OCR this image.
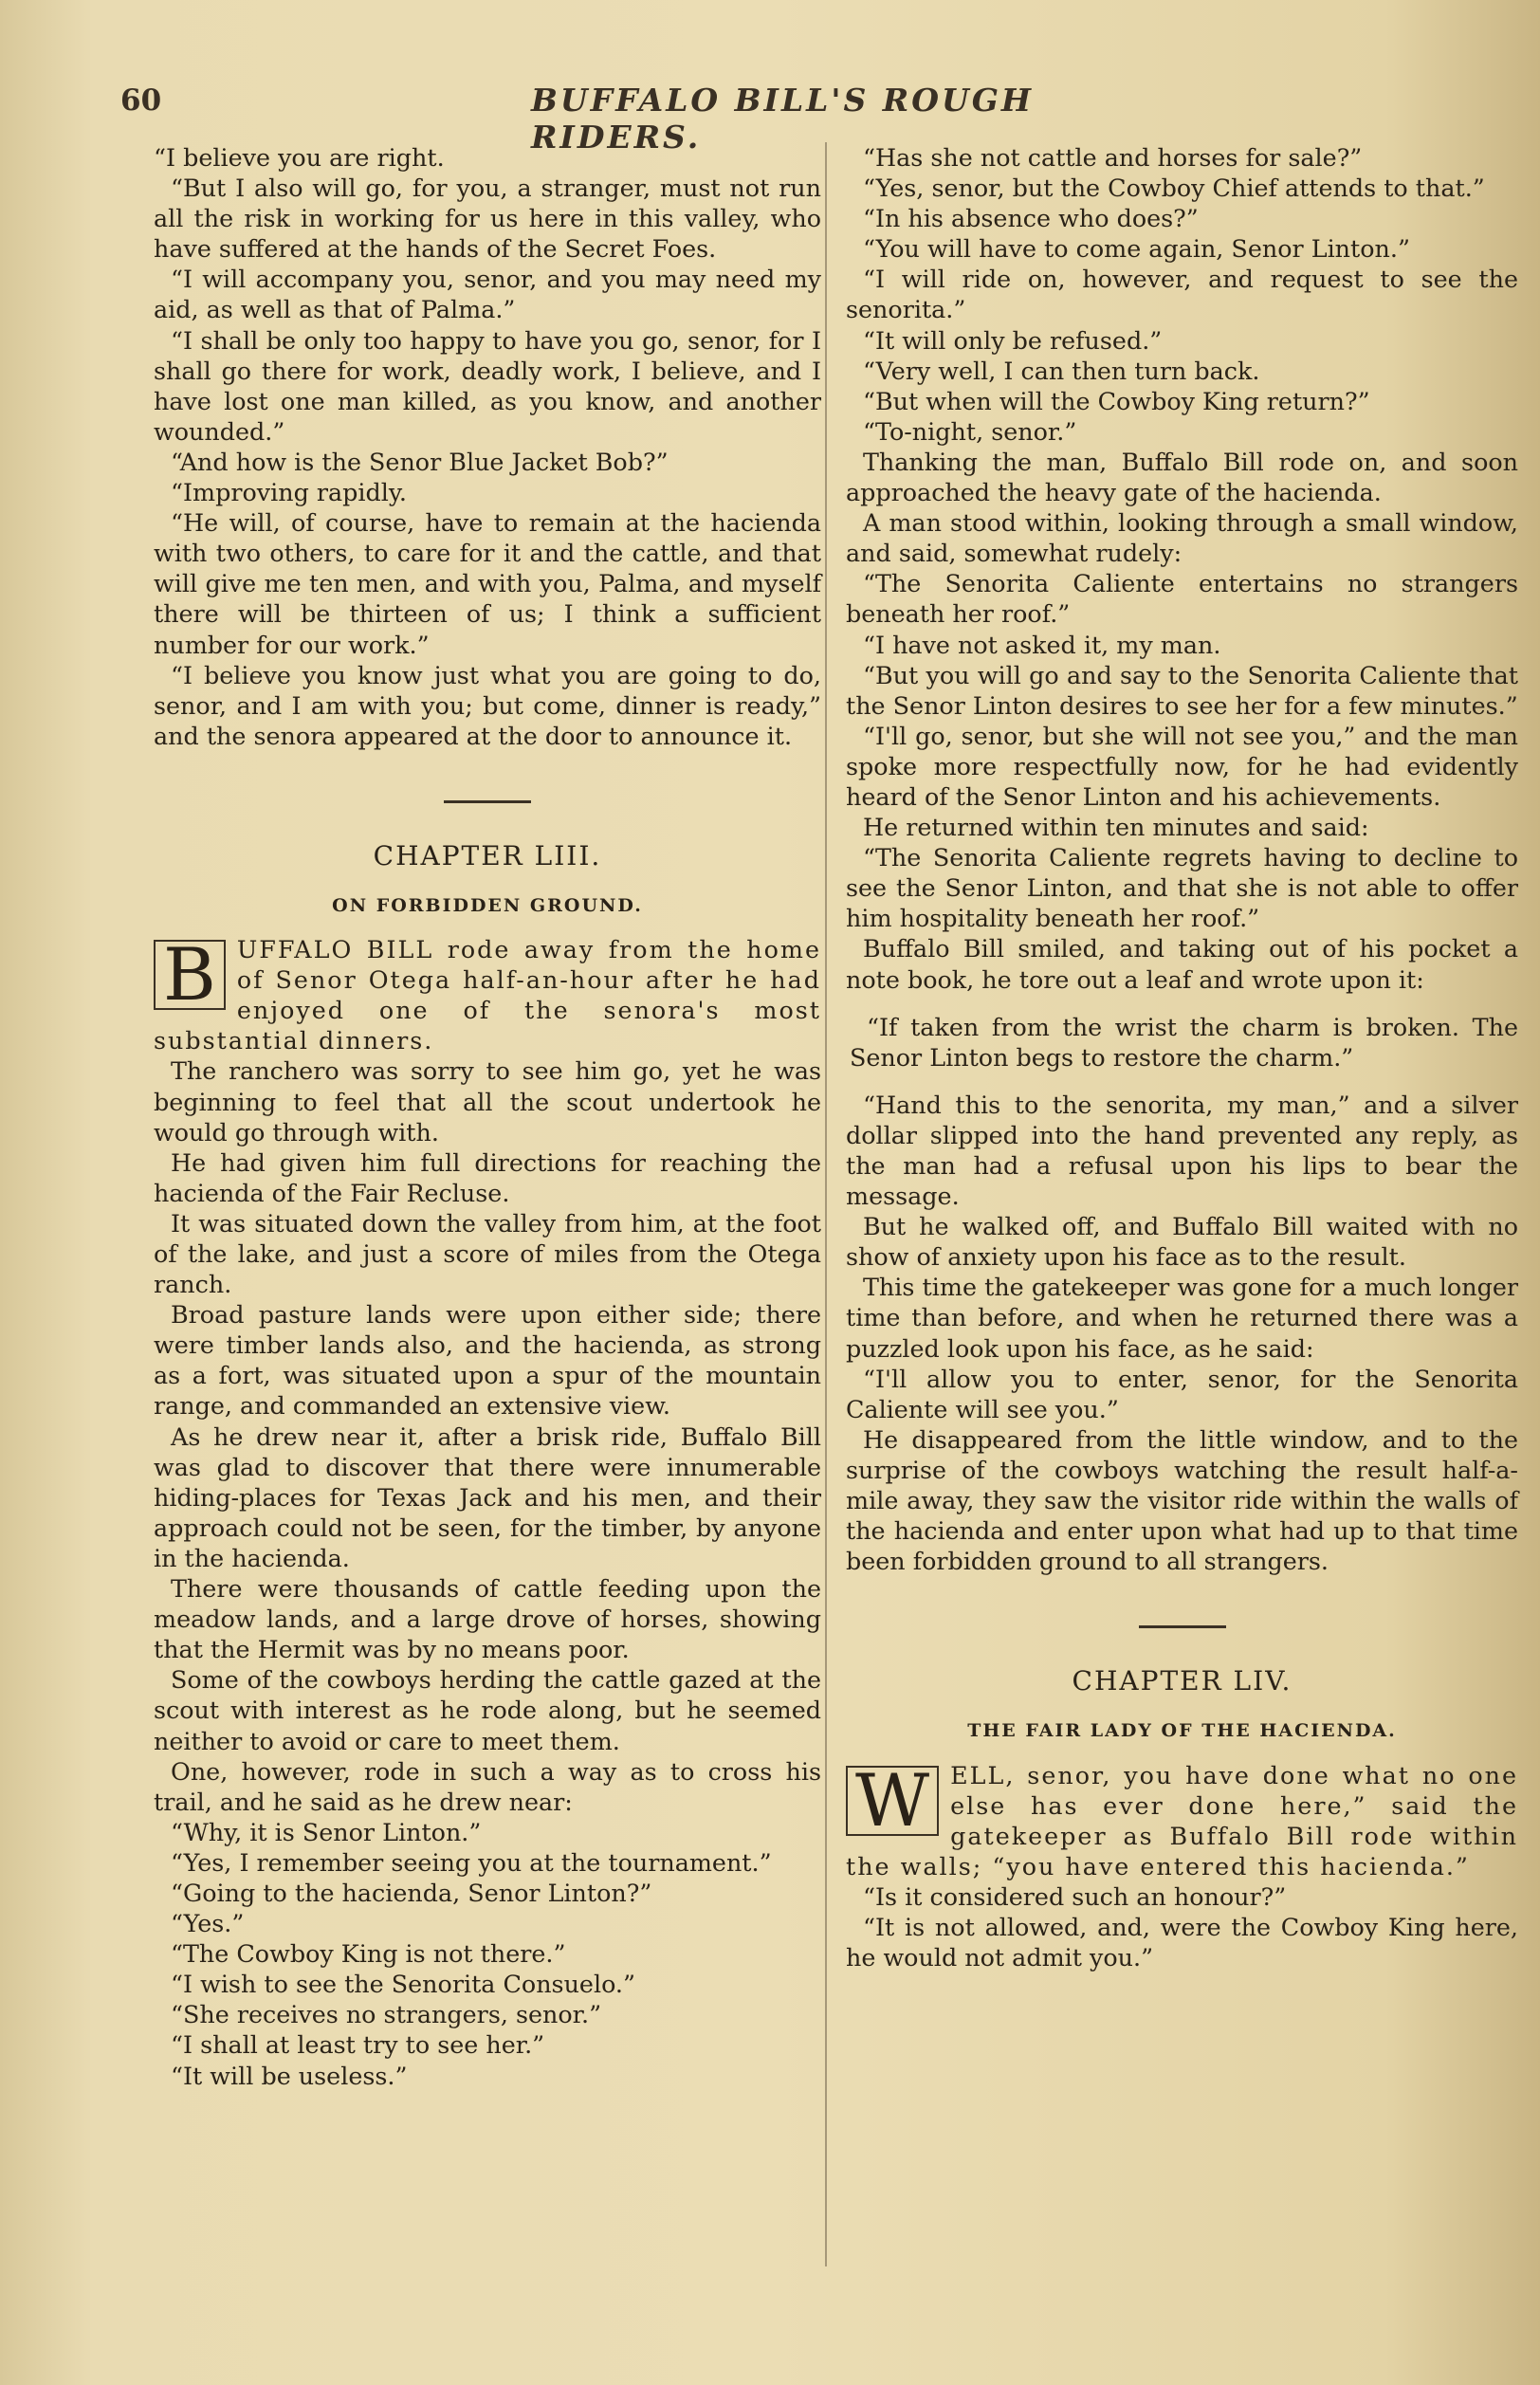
60	BUFFALO BILL'S ROUGH RIDERS.

“I believe you are right.

“But I also will go, for you, a stranger, must not run all the risk in working for us here in this valley, who have suffered at the hands of the Secret Foes.

“I will accompany you, senor, and you may need my aid, as well as that of Palma.”

“I shall be only too happy to have you go, senor, for I shall go there for work, deadly work, I believe, and I have lost one man killed, as you know, and another wounded.”

“And how is the Senor Blue Jacket Bob?”

“Improving rapidly.

“He will, of course, have to remain at the hacienda with two others, to care for it and the cattle, and that will give me ten men, and with you, Palma, and myself there will be thirteen of us; I think a sufficient number for our work.”

“I believe you know just what you are going to do, senor, and I am with you; but come, dinner is ready,” and the senora appeared at the door to announce it.

CHAPTER LIII.
ON FORBIDDEN GROUND.

B UFFALO BILL rode away from the home of Senor Otega half-an-hour after he had enjoyed one of the senora's most substantial dinners.

The ranchero was sorry to see him go, yet he was beginning to feel that all the scout undertook he would go through with.

He had given him full directions for reaching the hacienda of the Fair Recluse.

It was situated down the valley from him, at the foot of the lake, and just a score of miles from the Otega ranch.

Broad pasture lands were upon either side; there were timber lands also, and the hacienda, as strong as a fort, was situated upon a spur of the mountain range, and commanded an extensive view.

As he drew near it, after a brisk ride, Buffalo Bill was glad to discover that there were innumerable hiding-places for Texas Jack and his men, and their approach could not be seen, for the timber, by anyone in the hacienda.

There were thousands of cattle feeding upon the meadow lands, and a large drove of horses, showing that the Hermit was by no means poor.

Some of the cowboys herding the cattle gazed at the scout with interest as he rode along, but he seemed neither to avoid or care to meet them.

One, however, rode in such a way as to cross his trail, and he said as he drew near:

“Why, it is Senor Linton.”

“Yes, I remember seeing you at the tournament.”

“Going to the hacienda, Senor Linton?”

“Yes.”

“The Cowboy King is not there.”

“I wish to see the Senorita Consuelo.”

“She receives no strangers, senor.”

“I shall at least try to see her.”

“It will be useless.”

“Has she not cattle and horses for sale?”

“Yes, senor, but the Cowboy Chief attends to that.”

“In his absence who does?”

“You will have to come again, Senor Linton.”

“I will ride on, however, and request to see the senorita.”

“It will only be refused.”

“Very well, I can then turn back.

“But when will the Cowboy King return?”

“To-night, senor.”

Thanking the man, Buffalo Bill rode on, and soon approached the heavy gate of the hacienda.

A man stood within, looking through a small window, and said, somewhat rudely:

“The Senorita Caliente entertains no strangers beneath her roof.”

“I have not asked it, my man.

“But you will go and say to the Senorita Caliente that the Senor Linton desires to see her for a few minutes.”

“I'll go, senor, but she will not see you,” and the man spoke more respectfully now, for he had evidently heard of the Senor Linton and his achievements.

He returned within ten minutes and said:

“The Senorita Caliente regrets having to decline to see the Senor Linton, and that she is not able to offer him hospitality beneath her roof.”

Buffalo Bill smiled, and taking out of his pocket a note book, he tore out a leaf and wrote upon it:

“If taken from the wrist the charm is broken. The Senor Linton begs to restore the charm.”

“Hand this to the senorita, my man,” and a silver dollar slipped into the hand prevented any reply, as the man had a refusal upon his lips to bear the message.

But he walked off, and Buffalo Bill waited with no show of anxiety upon his face as to the result.

This time the gatekeeper was gone for a much longer time than before, and when he returned there was a puzzled look upon his face, as he said:

“I'll allow you to enter, senor, for the Senorita Caliente will see you.”

He disappeared from the little window, and to the surprise of the cowboys watching the result half-a-mile away, they saw the visitor ride within the walls of the hacienda and enter upon what had up to that time been forbidden ground to all strangers.

CHAPTER LIV.
THE FAIR LADY OF THE HACIENDA.

W ELL, senor, you have done what no one else has ever done here,” said the gatekeeper as Buffalo Bill rode within the walls; “you have entered this hacienda.”

“Is it considered such an honour?”

“It is not allowed, and, were the Cowboy King here, he would not admit you.”
